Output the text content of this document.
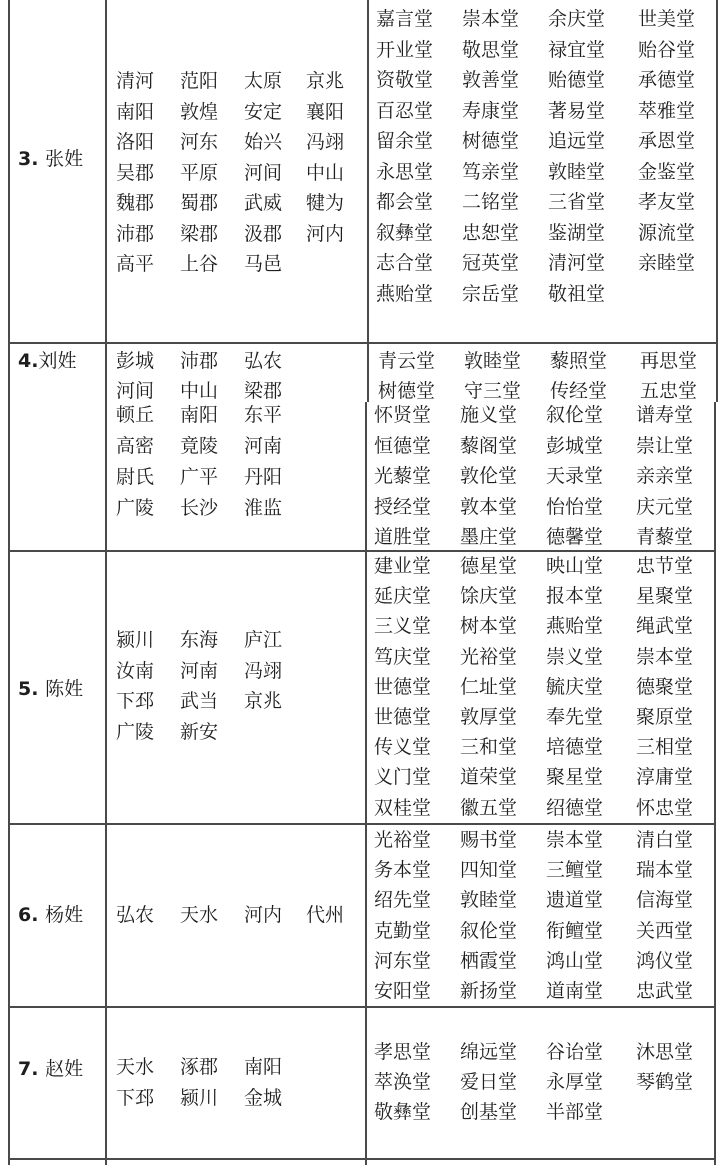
3. 张姓
清河 范阳 太原 京兆
南阳 敦煌 安定 襄阳
洛阳 河东 始兴 冯翊
吴郡 平原 河间 中山
魏郡 蜀郡 武威 犍为
沛郡 梁郡 汲郡 河内
高平 上谷 马邑
嘉言堂 崇本堂 余庆堂 世美堂
开业堂 敬思堂 禄宜堂 贻谷堂
资敬堂 敦善堂 贻德堂 承德堂
百忍堂 寿康堂 著易堂 萃雅堂
留余堂 树德堂 追远堂 承恩堂
永思堂 笃亲堂 敦睦堂 金鉴堂
都会堂 二铭堂 三省堂 孝友堂
叙彝堂 忠恕堂 鉴湖堂 源流堂
志合堂 冠英堂 清河堂 亲睦堂
燕贻堂 宗岳堂 敬祖堂
4.刘姓 彭城 沛郡 弘农
河间 中山 梁郡
青云堂 敦睦堂 藜照堂 再思堂
树德堂 守三堂 传经堂 五忠堂
顿丘 南阳 东平
高密 竟陵 河南
尉氏 广平 丹阳
广陵 长沙 淮监
怀贤堂 施义堂 叙伦堂 谱寿堂
恒德堂 藜阁堂 彭城堂 崇让堂
光藜堂 敦伦堂 天录堂 亲亲堂
授经堂 敦本堂 怡怡堂 庆元堂
道胜堂 墨庄堂 德馨堂 青藜堂
5. 陈姓
颍川 东海 庐江
汝南 河南 冯翊
下邳 武当 京兆
广陵 新安
建业堂 德星堂 映山堂 忠节堂
延庆堂 馀庆堂 报本堂 星聚堂
三义堂 树本堂 燕贻堂 绳武堂
笃庆堂 光裕堂 崇义堂 崇本堂
世德堂 仁址堂 毓庆堂 德聚堂
世德堂 敦厚堂 奉先堂 聚原堂
传义堂 三和堂 培德堂 三相堂
义门堂 道荣堂 聚星堂 淳庸堂
双桂堂 徽五堂 绍德堂 怀忠堂
6. 杨姓 弘农 天水 河内 代州
光裕堂 赐书堂 崇本堂 清白堂
务本堂 四知堂 三鳣堂 瑞本堂
绍先堂 敦睦堂 遗道堂 信海堂
克勤堂 叙伦堂 衔鳣堂 关西堂
河东堂 栖霞堂 鸿山堂 鸿仪堂
安阳堂 新扬堂 道南堂 忠武堂
7. 赵姓 天水 涿郡 南阳
下邳 颍川 金城
孝思堂 绵远堂 谷诒堂 沐思堂
萃涣堂 爱日堂 永厚堂 琴鹤堂
敬彝堂 创基堂 半部堂
